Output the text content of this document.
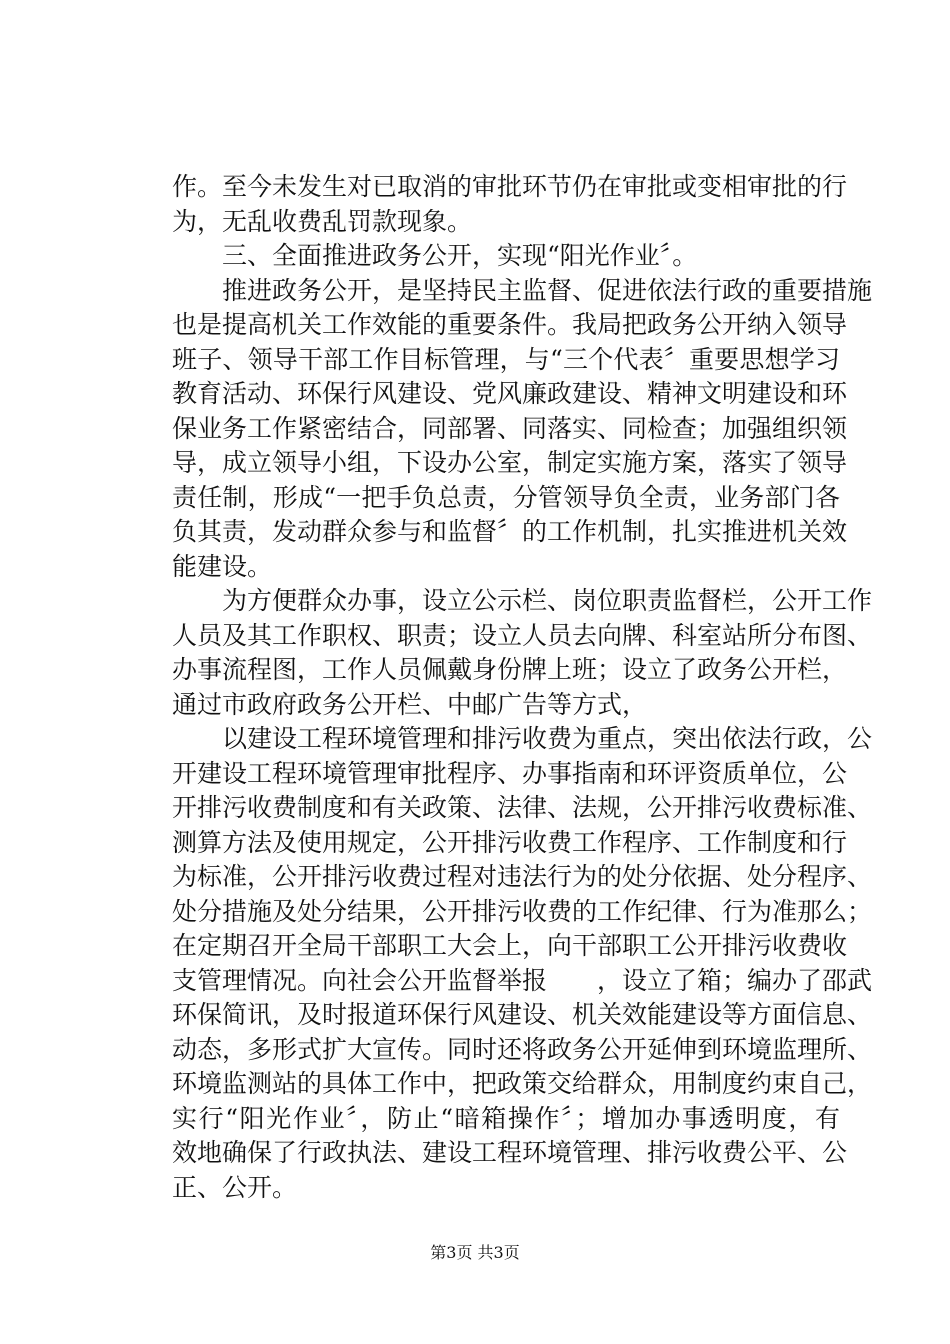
作。至今未发生对已取消的审批环节仍在审批或变相审批的行
为，无乱收费乱罚款现象。
三、全面推进政务公开，实现“阳光作业〞。
推进政务公开，是坚持民主监督、促进依法行政的重要措施
也是提高机关工作效能的重要条件。我局把政务公开纳入领导
班子、领导干部工作目标管理，与“三个代表〞重要思想学习
教育活动、环保行风建设、党风廉政建设、精神文明建设和环
保业务工作紧密结合，同部署、同落实、同检查；加强组织领
导，成立领导小组，下设办公室，制定实施方案，落实了领导
责任制，形成“一把手负总责，分管领导负全责，业务部门各
负其责，发动群众参与和监督〞的工作机制，扎实推进机关效
能建设。
为方便群众办事，设立公示栏、岗位职责监督栏，公开工作
人员及其工作职权、职责；设立人员去向牌、科室站所分布图、
办事流程图，工作人员佩戴身份牌上班；设立了政务公开栏，
通过市政府政务公开栏、中邮广告等方式，
以建设工程环境管理和排污收费为重点，突出依法行政，公
开建设工程环境管理审批程序、办事指南和环评资质单位，公
开排污收费制度和有关政策、法律、法规，公开排污收费标准、
测算方法及使用规定，公开排污收费工作程序、工作制度和行
为标准，公开排污收费过程对违法行为的处分依据、处分程序、
处分措施及处分结果，公开排污收费的工作纪律、行为准那么；
在定期召开全局干部职工大会上，向干部职工公开排污收费收
支管理情况。向社会公开监督举报　　，设立了箱；编办了邵武
环保简讯，及时报道环保行风建设、机关效能建设等方面信息、
动态，多形式扩大宣传。同时还将政务公开延伸到环境监理所、
环境监测站的具体工作中，把政策交给群众，用制度约束自己，
实行“阳光作业〞，防止“暗箱操作〞；增加办事透明度，有
效地确保了行政执法、建设工程环境管理、排污收费公平、公
正、公开。
第3页 共3页
